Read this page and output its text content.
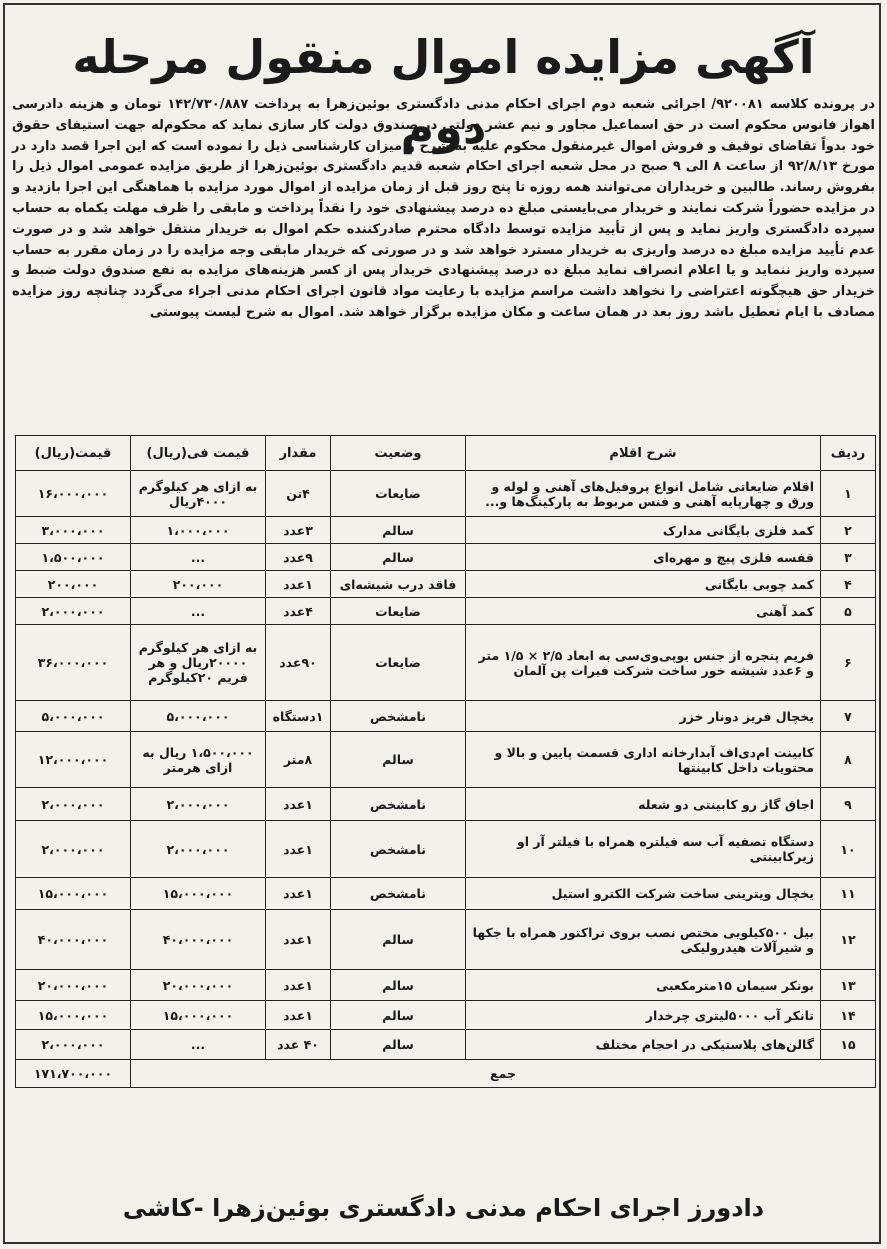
آگهی مزایده اموال منقول مرحله دوم

در پرونده کلاسه ۹۲۰۰۸۱/ اجرائی شعبه دوم اجرای احکام مدنی دادگستری بوئین‌زهرا به پرداخت ۱۴۲/۷۳۰/۸۸۷ تومان و هزینه دادرسی اهواز فانوس محکوم است در حق اسماعیل مجاور و نیم عشر دولتی در صندوق دولت کار سازی نماید که محکوم‌له جهت استیفای حقوق خود بدواً تقاضای توقیف و فروش اموال غیرمنقول محکوم علیه به شرح و میزان کارشناسی ذیل را نموده است که این اجرا قصد دارد در مورخ ۹۲/۸/۱۳ از ساعت ۸ الی ۹ صبح در محل شعبه اجرای احکام شعبه قدیم دادگستری بوئین‌زهرا از طریق مزایده عمومی اموال ذیل را بفروش رساند. طالبین و خریداران می‌توانند همه روزه تا پنج روز قبل از زمان مزایده از اموال مورد مزایده با هماهنگی این اجرا بازدید و در مزایده حضوراً شرکت نمایند و خریدار می‌بایستی مبلغ ده درصد پیشنهادی خود را نقداً پرداخت و مابقی را ظرف مهلت یکماه به حساب سپرده دادگستری واریز نماید و پس از تأیید مزایده توسط دادگاه محترم صادرکننده حکم اموال به خریدار منتقل خواهد شد و در صورت عدم تأیید مزایده مبلغ ده درصد واریزی به خریدار مسترد خواهد شد و در صورتی که خریدار مابقی وجه مزایده را در زمان مقرر به حساب سپرده واریز ننماید و یا اعلام انصراف نماید مبلغ ده درصد پیشنهادی خریدار پس از کسر هزینه‌های مزایده به نفع صندوق دولت ضبط و خریدار حق هیچگونه اعتراضی را نخواهد داشت مراسم مزایده با رعایت مواد قانون اجرای احکام مدنی اجراء می‌گردد چنانچه روز مزایده مصادف با ایام تعطیل باشد روز بعد در همان ساعت و مکان مزایده برگزار خواهد شد. اموال به شرح لیست پیوستی

ردیف	شرح اقلام	وضعیت	مقدار	قیمت فی(ریال)	قیمت(ریال)
۱	اقلام ضایعاتی شامل انواع پروفیل‌های آهنی و لوله و ورق و چهارپایه آهنی و فنس مربوط به پارکینگ‌ها و...	ضایعات	۴تن	به ازای هر کیلوگرم ۴۰۰۰ریال	۱۶،۰۰۰،۰۰۰
۲	کمد فلزی بایگانی مدارک	سالم	۳عدد	۱،۰۰۰،۰۰۰	۳،۰۰۰،۰۰۰
۳	قفسه فلزی پیچ و مهره‌ای	سالم	۹عدد	...	۱،۵۰۰،۰۰۰
۴	کمد چوبی بایگانی	فاقد درب شیشه‌ای	۱عدد	۲۰۰،۰۰۰	۲۰۰،۰۰۰
۵	کمد آهنی	ضایعات	۴عدد	...	۲،۰۰۰،۰۰۰
۶	فریم پنجره از جنس یوپی‌وی‌سی به ابعاد ۲/۵ × ۱/۵ متر و ۶عدد شیشه خور ساخت شرکت فیرات پن آلمان	ضایعات	۹۰عدد	به ازای هر کیلوگرم ۲۰۰۰۰ریال و هر فریم ۲۰کیلوگرم	۳۶،۰۰۰،۰۰۰
۷	یخچال فریز دونار خزر	نامشخص	۱دستگاه	۵،۰۰۰،۰۰۰	۵،۰۰۰،۰۰۰
۸	کابینت ام‌دی‌اف آبدارخانه اداری قسمت پایین و بالا و محتویات داخل کابینتها	سالم	۸متر	۱،۵۰۰،۰۰۰ ریال به ازای هرمتر	۱۲،۰۰۰،۰۰۰
۹	اجاق گاز رو کابینتی دو شعله	نامشخص	۱عدد	۲،۰۰۰،۰۰۰	۲،۰۰۰،۰۰۰
۱۰	دستگاه تصفیه آب سه فیلتره همراه با فیلتر آر او زیرکابینتی	نامشخص	۱عدد	۲،۰۰۰،۰۰۰	۲،۰۰۰،۰۰۰
۱۱	یخچال ویترینی ساخت شرکت الکترو استیل	نامشخص	۱عدد	۱۵،۰۰۰،۰۰۰	۱۵،۰۰۰،۰۰۰
۱۲	بیل ۵۰۰کیلویی مختص نصب بروی تراکتور همراه با جکها و شیرآلات هیدرولیکی	سالم	۱عدد	۴۰،۰۰۰،۰۰۰	۴۰،۰۰۰،۰۰۰
۱۳	بونکر سیمان ۱۵مترمکعبی	سالم	۱عدد	۲۰،۰۰۰،۰۰۰	۲۰،۰۰۰،۰۰۰
۱۴	تانکر آب ۵۰۰۰لیتری چرخدار	سالم	۱عدد	۱۵،۰۰۰،۰۰۰	۱۵،۰۰۰،۰۰۰
۱۵	گالن‌های پلاستیکی در احجام مختلف	سالم	۴۰ عدد	...	۲،۰۰۰،۰۰۰
جمع					۱۷۱،۷۰۰،۰۰۰
دادورز اجرای احکام مدنی دادگستری بوئین‌زهرا -کاشی
